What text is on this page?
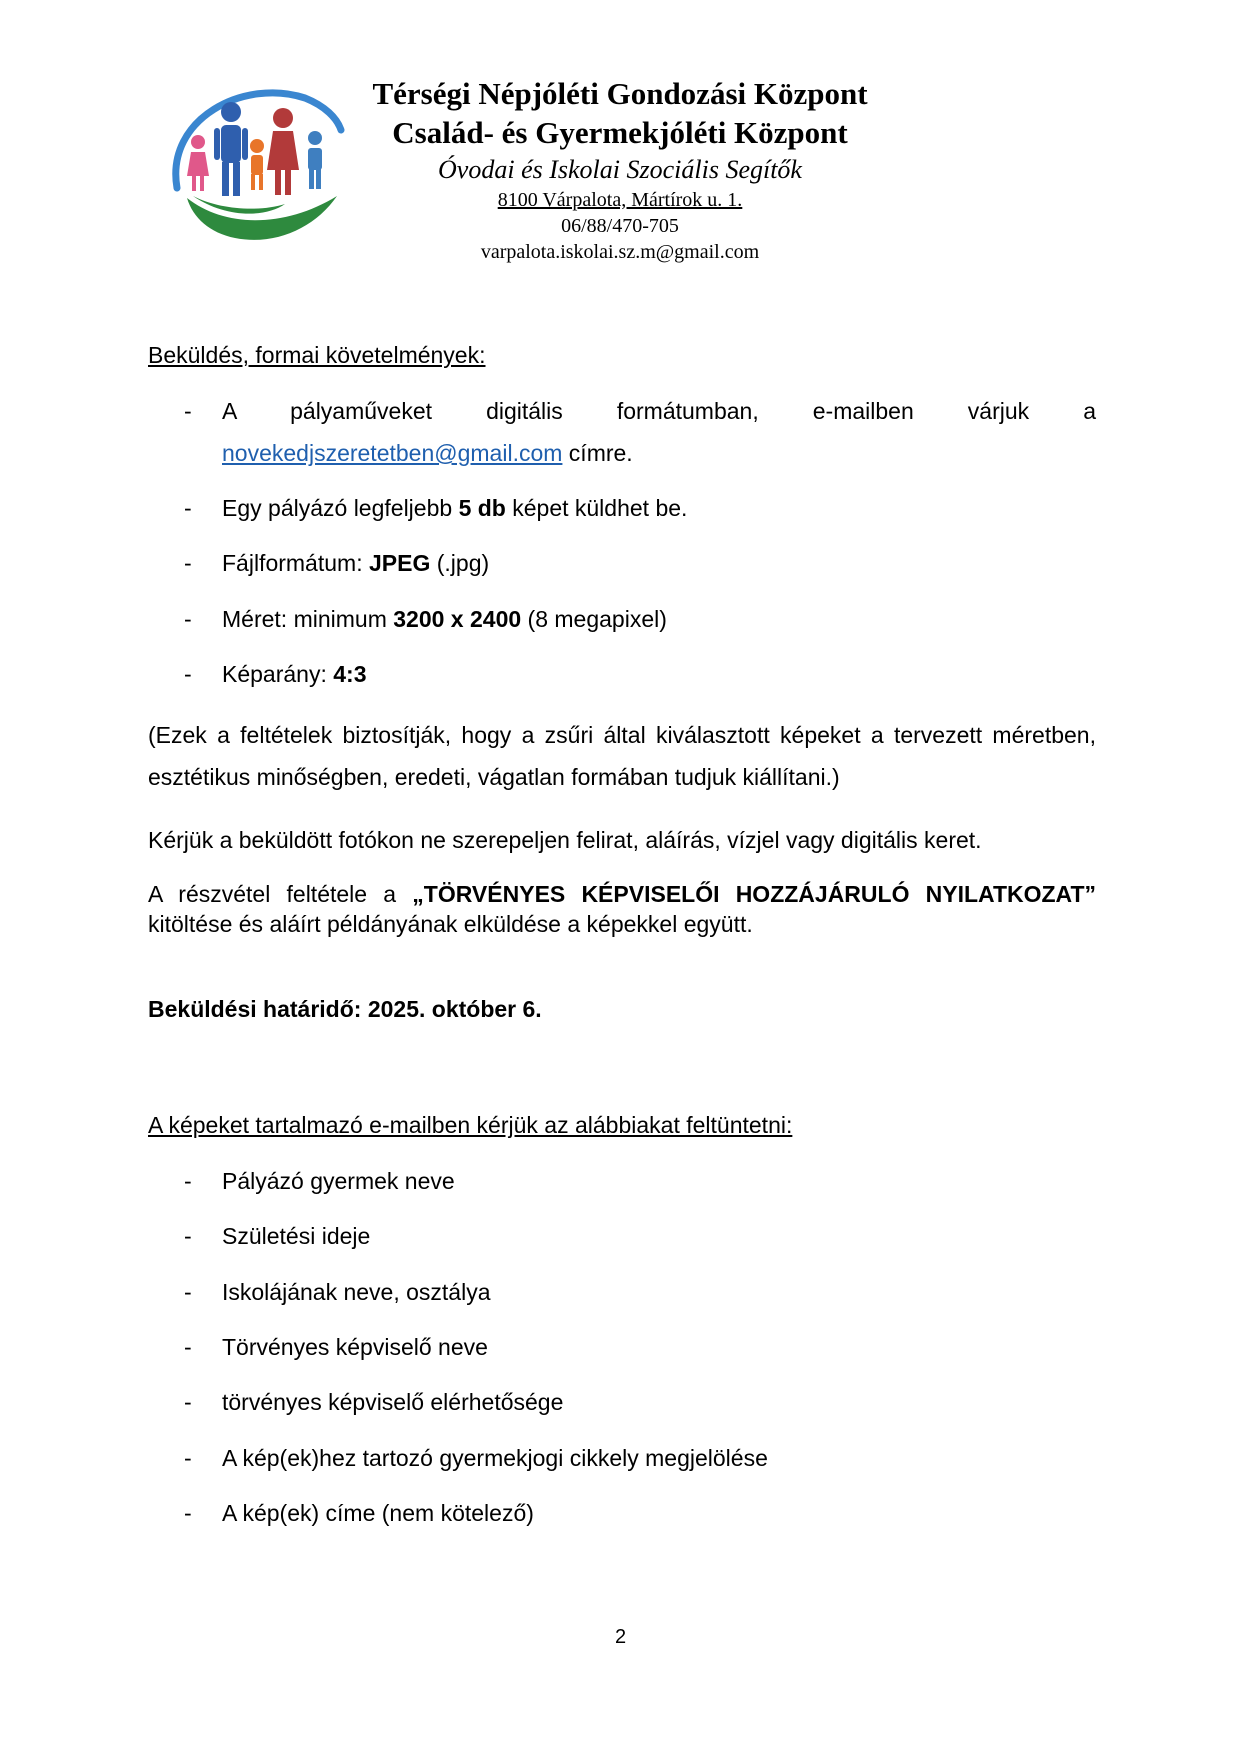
Térségi Népjóléti Gondozási Központ
Család- és Gyermekjóléti Központ
Óvodai és Iskolai Szociális Segítők
8100 Várpalota, Mártírok u. 1.
06/88/470-705
varpalota.iskolai.sz.m@gmail.com
Beküldés, formai követelmények:
- A pályaműveket digitális formátumban, e-mailben várjuk a
novekedjszeretetben@gmail.com címre.
- Egy pályázó legfeljebb 5 db képet küldhet be.
- Fájlformátum: JPEG (.jpg)
- Méret: minimum 3200 x 2400 (8 megapixel)
- Képarány: 4:3
(Ezek a feltételek biztosítják, hogy a zsűri által kiválasztott képeket a tervezett méretben, esztétikus minőségben, eredeti, vágatlan formában tudjuk kiállítani.)
Kérjük a beküldött fotókon ne szerepeljen felirat, aláírás, vízjel vagy digitális keret.
A részvétel feltétele a „TÖRVÉNYES KÉPVISELŐI HOZZÁJÁRULÓ NYILATKOZAT” kitöltése és aláírt példányának elküldése a képekkel együtt.
Beküldési határidő: 2025. október 6.
A képeket tartalmazó e-mailben kérjük az alábbiakat feltüntetni:
- Pályázó gyermek neve
- Születési ideje
- Iskolájának neve, osztálya
- Törvényes képviselő neve
- törvényes képviselő elérhetősége
- A kép(ek)hez tartozó gyermekjogi cikkely megjelölése
- A kép(ek) címe (nem kötelező)
2
